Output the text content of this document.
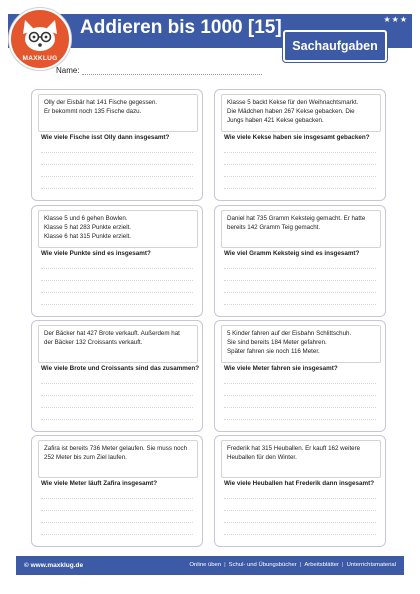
MAXKLUG
Addieren bis 1000 [15]	★★★
Sachaufgaben
Name:
Olly der Eisbär hat 141 Fische gegessen.
Er bekommt noch 135 Fische dazu.
Wie viele Fische isst Olly dann insgesamt?
Klasse 5 backt Kekse für den Weihnachtsmarkt.
Die Mädchen haben 267 Kekse gebacken. Die
Jungs haben 421 Kekse gebacken.
Wie viele Kekse haben sie insgesamt gebacken?
Klasse 5 und 6 gehen Bowlen.
Klasse 5 hat 283 Punkte erzielt.
Klasse 6 hat 315 Punkte erzielt.
Wie viele Punkte sind es insgesamt?
Daniel hat 735 Gramm Keksteig gemacht. Er hatte
bereits 142 Gramm Teig gemacht.
Wie viel Gramm Keksteig sind es insgesamt?
Der Bäcker hat 427 Brote verkauft. Außerdem hat
der Bäcker 132 Croissants verkauft.
Wie viele Brote und Croissants sind das zusammen?
5 Kinder fahren auf der Eisbahn Schlittschuh.
Sie sind bereits 184 Meter gefahren.
Später fahren sie noch 116 Meter.
Wie viele Meter fahren sie insgesamt?
Zafira ist bereits 736 Meter gelaufen. Sie muss noch
252 Meter bis zum Ziel laufen.
Wie viele Meter läuft Zafira insgesamt?
Frederik hat 315 Heuballen. Er kauft 162 weitere
Heuballen für den Winter.
Wie viele Heuballen hat Frederik dann insgesamt?
© www.maxklug.de	Online üben | Schul- und Übungsbücher | Arbeitsblätter | Unterrichtsmaterial
